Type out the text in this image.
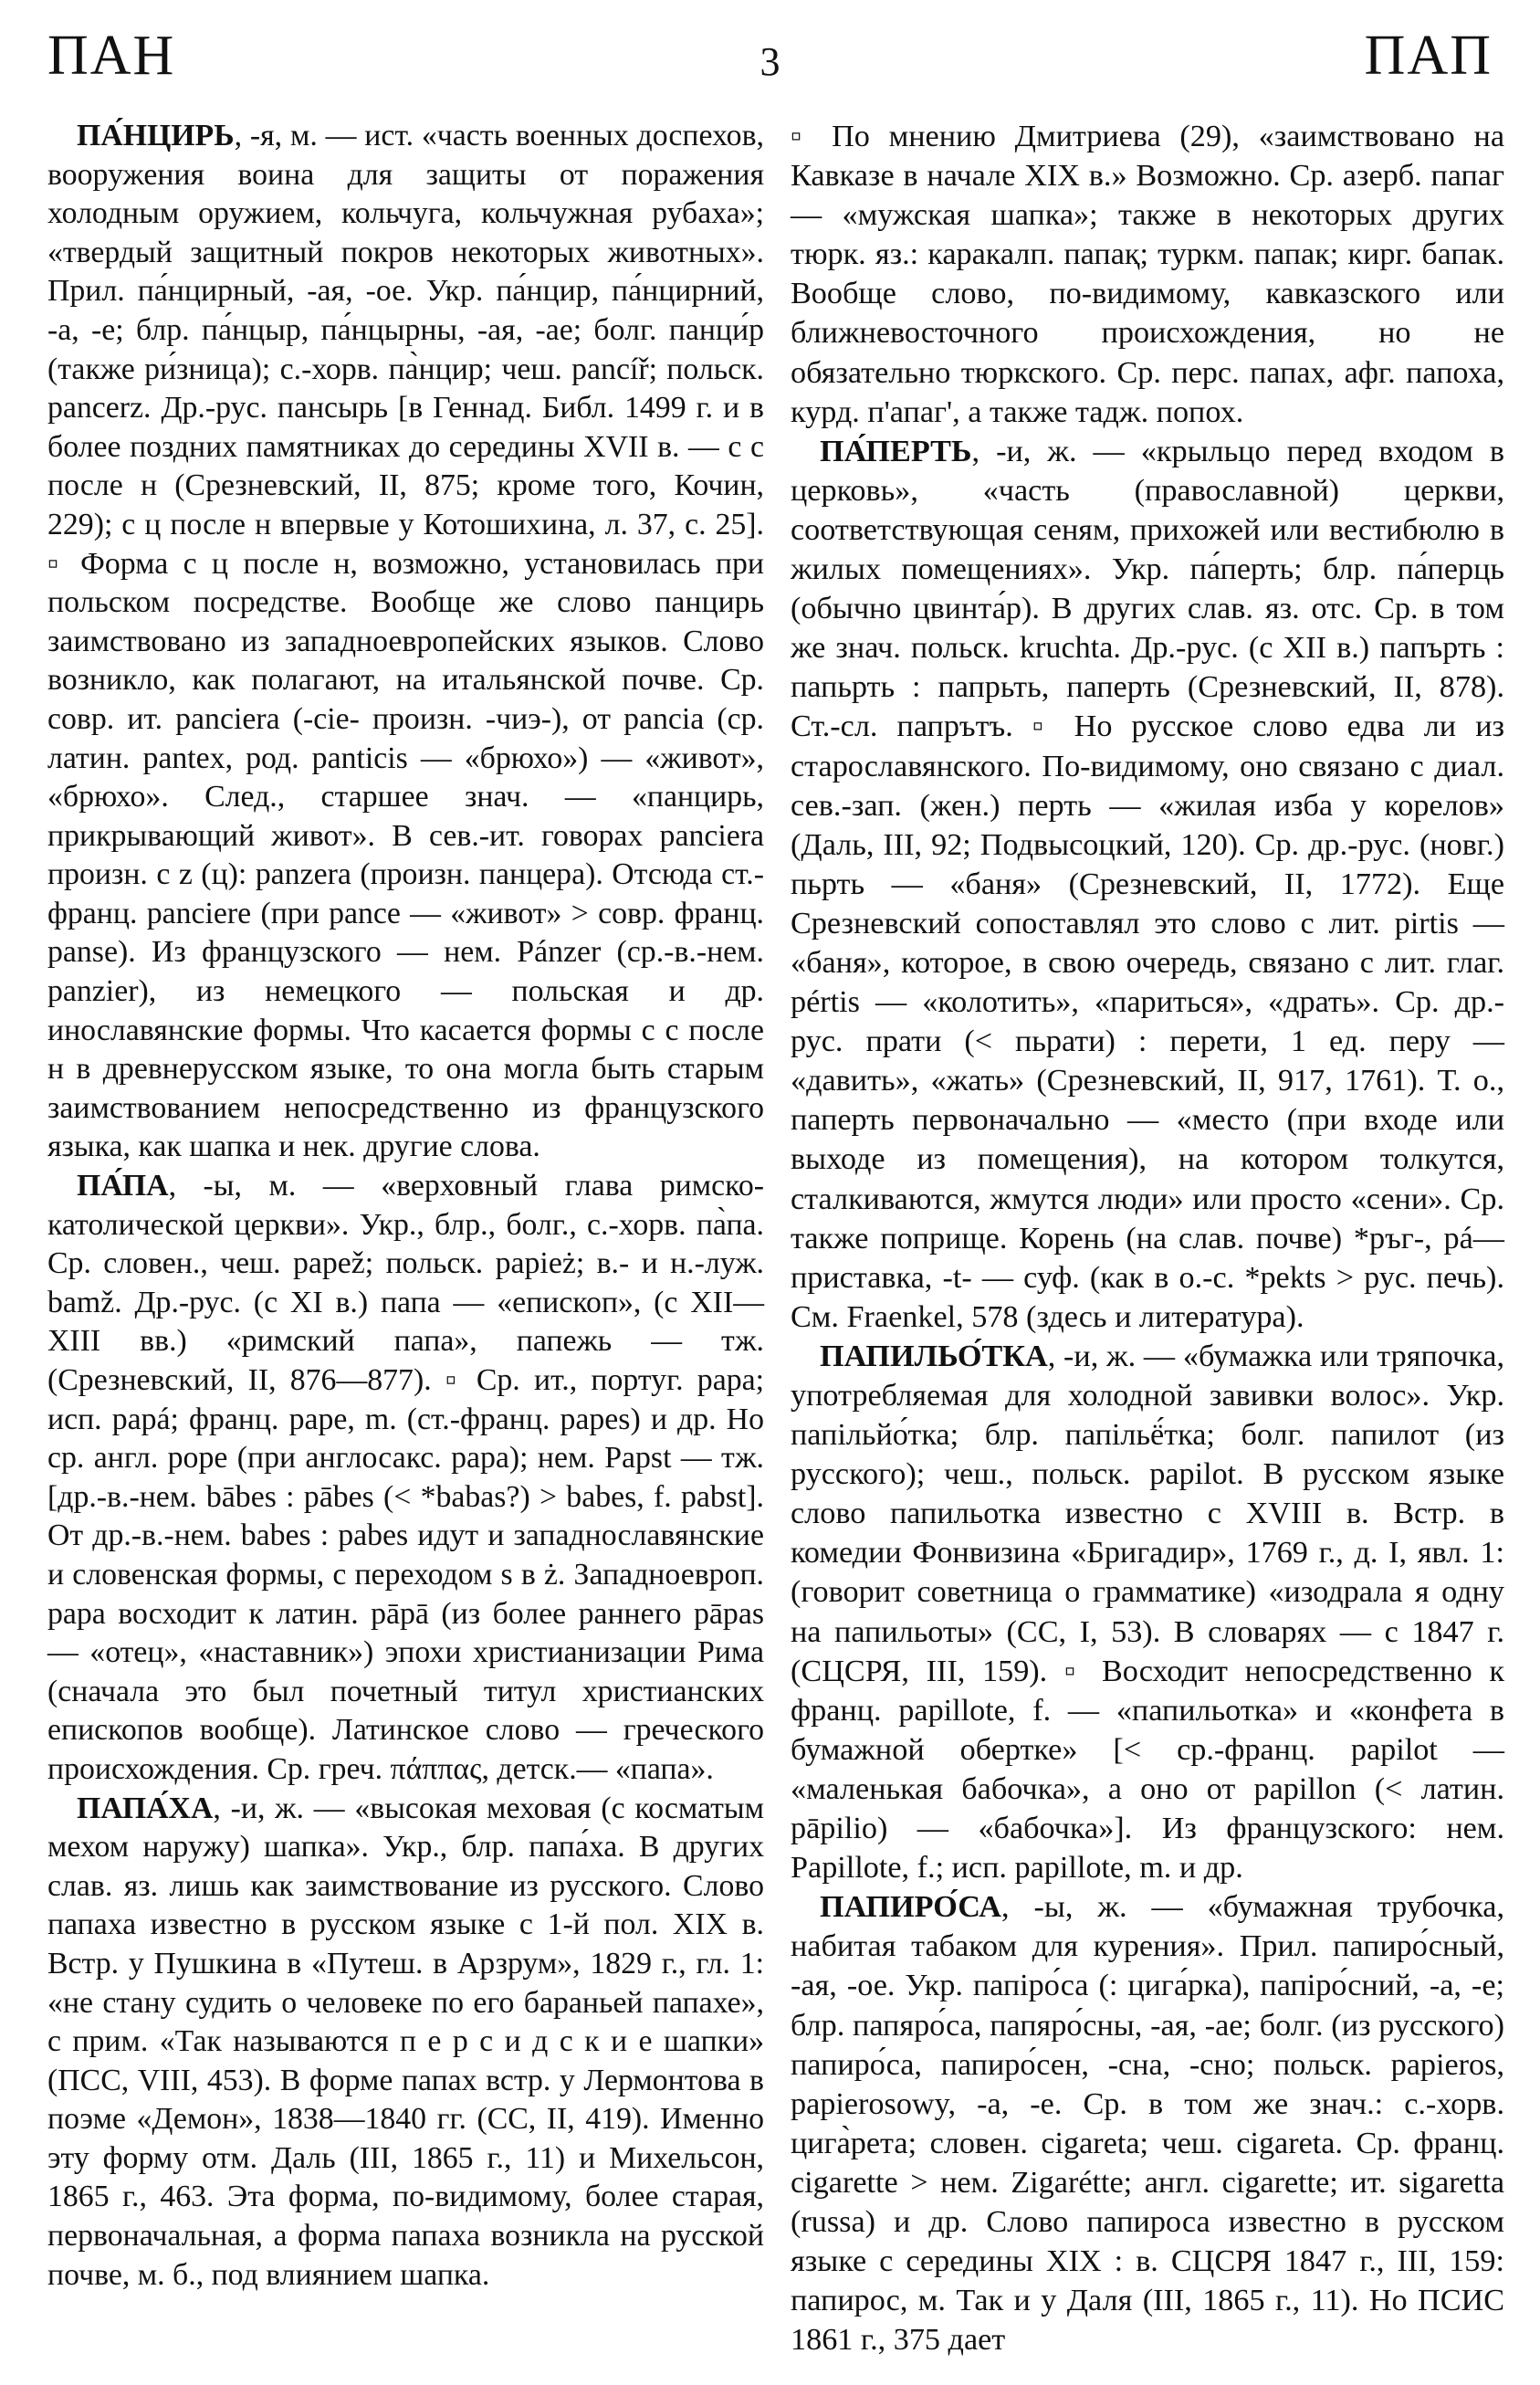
ПАН	3	ПАП

ПА́НЦИРЬ, -я, м. — ист. «часть военных доспехов, вооружения воина для защиты от поражения холодным оружием, кольчуга, кольчужная рубаха»; «твердый защитный покров некоторых животных». Прил. па́нцирный, -ая, -ое. Укр. па́нцир, па́нцирний, -а, -е; блр. па́нцыр, па́нцырны, -ая, -ае; болг. панци́р (также ри́зница); с.-хорв. па̀нцир; чеш. pancíř; польск. pancerz. Др.-рус. пансырь [в Геннад. Библ. 1499 г. и в более поздних памятниках до середины XVII в. — с с после н (Срезневский, II, 875; кроме того, Кочин, 229); с ц после н впервые у Котошихина, л. 37, с. 25]. ▫ Форма с ц после н, возможно, установилась при польском посредстве. Вообще же слово панцирь заимствовано из западноевропейских языков. Слово возникло, как полагают, на итальянской почве. Ср. совр. ит. panciera (-cie- произн. -чиэ-), от pancia (ср. латин. pantex, род. panticis — «брюхо») — «живот», «брюхо». След., старшее знач. — «панцирь, прикрывающий живот». В сев.-ит. говорах panciera произн. с z (ц): panzera (произн. панцера). Отсюда ст.-франц. panciere (при pance — «живот» > совр. франц. panse). Из французского — нем. Pánzer (ср.-в.-нем. panzier), из немецкого — польская и др. инославянские формы. Что касается формы с с после н в древнерусском языке, то она могла быть старым заимствованием непосредственно из французского языка, как шапка и нек. другие слова.

ПА́ПА, -ы, м. — «верховный глава римско-католической церкви». Укр., блр., болг., с.-хорв. па̀па. Ср. словен., чеш. papež; польск. papież; в.- и н.-луж. bamž. Др.-рус. (с XI в.) папа — «епископ», (с XII—XIII вв.) «римский папа», папежь — тж. (Срезневский, II, 876—877). ▫ Ср. ит., португ. papa; исп. papá; франц. pape, m. (ст.-франц. papes) и др. Но ср. англ. pope (при англосакс. papa); нем. Papst — тж. [др.-в.-нем. bābes : pābes (< *babas?) > babes, f. pabst]. От др.-в.-нем. babes : pabes идут и западнославянские и словенская формы, с переходом s в ż. Западноевроп. papa восходит к латин. pāpā (из более раннего pāpas — «отец», «наставник») эпохи христианизации Рима (сначала это был почетный титул христианских епископов вообще). Латинское слово — греческого происхождения. Ср. греч. πάππας, детск.— «папа».

ПАПА́ХА, -и, ж. — «высокая меховая (с косматым мехом наружу) шапка». Укр., блр. папа́ха. В других слав. яз. лишь как заимствование из русского. Слово папаха известно в русском языке с 1-й пол. XIX в. Встр. у Пушкина в «Путеш. в Арзрум», 1829 г., гл. 1: «не стану судить о человеке по его бараньей папахе», с прим. «Так называются п е р с и д с к и е шапки» (ПСС, VIII, 453). В форме папах встр. у Лермонтова в поэме «Демон», 1838—1840 гг. (СС, II, 419). Именно эту форму отм. Даль (III, 1865 г., 11) и Михельсон, 1865 г., 463. Эта форма, по-видимому, более старая, первоначальная, а форма папаха возникла на русской почве, м. б., под влиянием шапка.

▫ По мнению Дмитриева (29), «заимствовано на Кавказе в начале XIX в.» Возможно. Ср. азерб. папаг — «мужская шапка»; также в некоторых других тюрк. яз.: каракалп. папақ; туркм. папак; кирг. бапак. Вообще слово, по-видимому, кавказского или ближневосточного происхождения, но не обязательно тюркского. Ср. перс. папах, афг. папоха, курд. п'апаг', а также тадж. попох.

ПА́ПЕРТЬ, -и, ж. — «крыльцо перед входом в церковь», «часть (православной) церкви, соответствующая сеням, прихожей или вестибюлю в жилых помещениях». Укр. па́перть; блр. па́перць (обычно цвинта́р). В других слав. яз. отс. Ср. в том же знач. польск. kruchta. Др.-рус. (с XII в.) папърть : папьрть : папрьть, паперть (Срезневский, II, 878). Ст.-сл. папрътъ. ▫ Но русское слово едва ли из старославянского. По-видимому, оно связано с диал. сев.-зап. (жен.) перть — «жилая изба у корелов» (Даль, III, 92; Подвысоцкий, 120). Ср. др.-рус. (новг.) пьрть — «баня» (Срезневский, II, 1772). Еще Срезневский сопоставлял это слово с лит. pirtis — «баня», которое, в свою очередь, связано с лит. глаг. pértis — «колотить», «париться», «драть». Ср. др.-рус. прати (< пьрати) : перети, 1 ед. перу — «давить», «жать» (Срезневский, II, 917, 1761). Т. о., паперть первоначально — «место (при входе или выходе из помещения), на котором толкутся, сталкиваются, жмутся люди» или просто «сени». Ср. также поприще. Корень (на слав. почве) *ръг-, pá— приставка, -t- — суф. (как в о.-с. *pekts > рус. печь). См. Fraenkel, 578 (здесь и литература).

ПАПИЛЬО́ТКА, -и, ж. — «бумажка или тряпочка, употребляемая для холодной завивки волос». Укр. папільйо́тка; блр. папільё́тка; болг. папилот (из русского); чеш., польск. papilot. В русском языке слово папильотка известно с XVIII в. Встр. в комедии Фонвизина «Бригадир», 1769 г., д. I, явл. 1: (говорит советница о грамматике) «изодрала я одну на папильоты» (СС, I, 53). В словарях — с 1847 г. (СЦСРЯ, III, 159). ▫ Восходит непосредственно к франц. papillote, f. — «папильотка» и «конфета в бумажной обертке» [< ср.-франц. papilot — «маленькая бабочка», а оно от papillon (< латин. pāpilio) — «бабочка»]. Из французского: нем. Papillote, f.; исп. papillote, m. и др.

ПАПИРО́СА, -ы, ж. — «бумажная трубочка, набитая табаком для курения». Прил. папиро́сный, -ая, -ое. Укр. папіро́са (: цига́рка), папіро́сний, -а, -е; блр. папяро́са, папяро́сны, -ая, -ае; болг. (из русского) папиро́са, папиро́сен, -сна, -сно; польск. papieros, papierosowy, -a, -e. Ср. в том же знач.: с.-хорв. цига̀рета; словен. cigareta; чеш. cigareta. Ср. франц. cigarette > нем. Zigarétte; англ. cigarette; ит. sigaretta (russa) и др. Слово папироса известно в русском языке с середины XIX : в. СЦСРЯ 1847 г., III, 159: папирос, м. Так и у Даля (III, 1865 г., 11). Но ПСИС 1861 г., 375 дает
